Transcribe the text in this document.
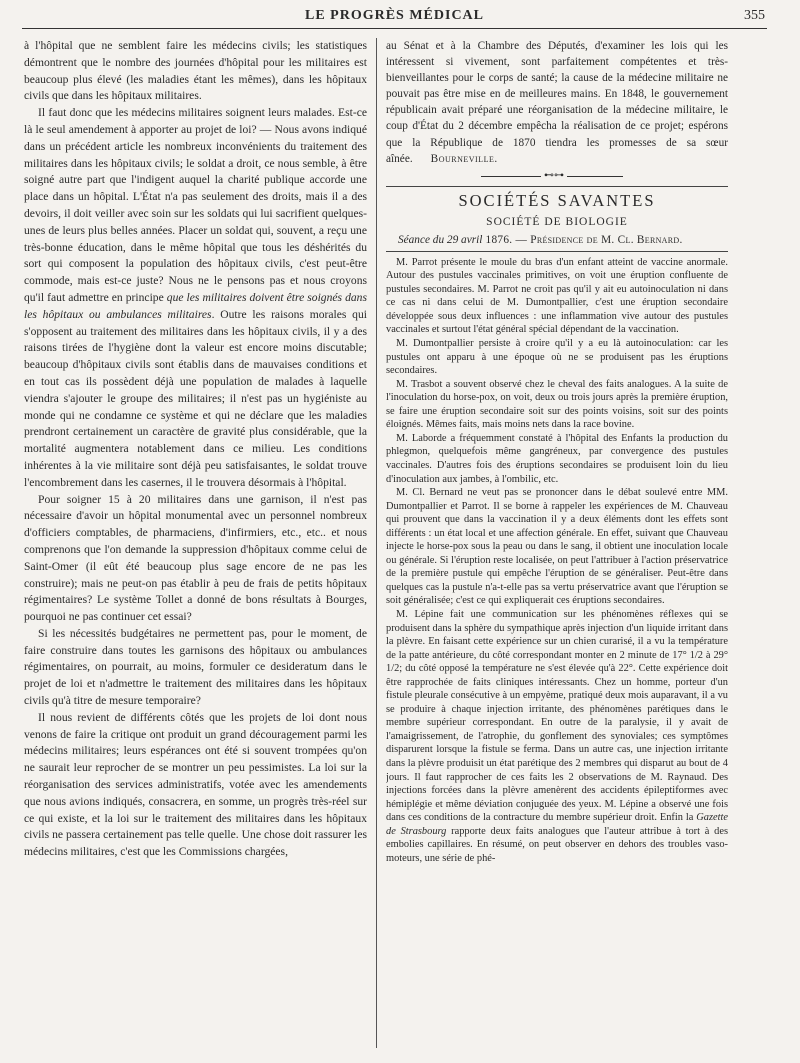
LE PROGRÈS MÉDICAL	355

à l'hôpital que ne semblent faire les médecins civils; les statistiques démontrent que le nombre des journées d'hôpital pour les militaires est beaucoup plus élevé (les maladies étant les mêmes), dans les hôpitaux civils que dans les hôpitaux militaires.

Il faut donc que les médecins militaires soignent leurs malades. Est-ce là le seul amendement à apporter au projet de loi? — Nous avons indiqué dans un précédent article les nombreux inconvénients du traitement des militaires dans les hôpitaux civils; le soldat a droit, ce nous semble, à être soigné autre part que l'indigent auquel la charité publique accorde une place dans un hôpital. L'État n'a pas seulement des droits, mais il a des devoirs, il doit veiller avec soin sur les soldats qui lui sacrifient quelques-unes de leurs plus belles années. Placer un soldat qui, souvent, a reçu une très-bonne éducation, dans le même hôpital que tous les déshérités du sort qui composent la population des hôpitaux civils, c'est peut-être commode, mais est-ce juste? Nous ne le pensons pas et nous croyons qu'il faut admettre en principe que les militaires doivent être soignés dans les hôpitaux ou ambulances militaires. Outre les raisons morales qui s'opposent au traitement des militaires dans les hôpitaux civils, il y a des raisons tirées de l'hygiène dont la valeur est encore moins discutable; beaucoup d'hôpitaux civils sont établis dans de mauvaises conditions et en tout cas ils possèdent déjà une population de malades à laquelle viendra s'ajouter le groupe des militaires; il n'est pas un hygiéniste au monde qui ne condamne ce système et qui ne déclare que les maladies prendront certainement un caractère de gravité plus considérable, que la mortalité augmentera notablement dans ce milieu. Les conditions inhérentes à la vie militaire sont déjà peu satisfaisantes, le soldat trouve l'encombrement dans les casernes, il le trouvera désormais à l'hôpital.

Pour soigner 15 à 20 militaires dans une garnison, il n'est pas nécessaire d'avoir un hôpital monumental avec un personnel nombreux d'officiers comptables, de pharmaciens, d'infirmiers, etc., etc.. et nous comprenons que l'on demande la suppression d'hôpitaux comme celui de Saint-Omer (il eût été beaucoup plus sage encore de ne pas les construire); mais ne peut-on pas établir à peu de frais de petits hôpitaux régimentaires? Le système Tollet a donné de bons résultats à Bourges, pourquoi ne pas continuer cet essai?

Si les nécessités budgétaires ne permettent pas, pour le moment, de faire construire dans toutes les garnisons des hôpitaux ou ambulances régimentaires, on pourrait, au moins, formuler ce desideratum dans le projet de loi et n'admettre le traitement des militaires dans les hôpitaux civils qu'à titre de mesure temporaire?

Il nous revient de différents côtés que les projets de loi dont nous venons de faire la critique ont produit un grand découragement parmi les médecins militaires; leurs espérances ont été si souvent trompées qu'on ne saurait leur reprocher de se montrer un peu pessimistes. La loi sur la réorganisation des services administratifs, votée avec les amendements que nous avions indiqués, consacrera, en somme, un progrès très-réel sur ce qui existe, et la loi sur le traitement des militaires dans les hôpitaux civils ne passera certainement pas telle quelle. Une chose doit rassurer les médecins militaires, c'est que les Commissions chargées,

au Sénat et à la Chambre des Députés, d'examiner les lois qui les intéressent si vivement, sont parfaitement compétentes et très-bienveillantes pour le corps de santé; la cause de la médecine militaire ne pouvait pas être mise en de meilleures mains. En 1848, le gouvernement républicain avait préparé une réorganisation de la médecine militaire, le coup d'État du 2 décembre empêcha la réalisation de ce projet; espérons que la République de 1870 tiendra les promesses de sa sœur aînée. Bourneville.

⊷⊶
SOCIÉTÉS SAVANTES
SOCIÉTÉ DE BIOLOGIE

Séance du 29 avril 1876. — Présidence de M. Cl. Bernard.

M. Parrot présente le moule du bras d'un enfant atteint de vaccine anormale. Autour des pustules vaccinales primitives, on voit une éruption confluente de pustules secondaires. M. Parrot ne croit pas qu'il y ait eu autoinoculation ni dans ce cas ni dans celui de M. Dumontpallier, c'est une éruption secondaire développée sous deux influences : une inflammation vive autour des pustules vaccinales et surtout l'état général spécial dépendant de la vaccination.

M. Dumontpallier persiste à croire qu'il y a eu là autoinoculation: car les pustules ont apparu à une époque où ne se produisent pas les éruptions secondaires.

M. Trasbot a souvent observé chez le cheval des faits analogues. A la suite de l'inoculation du horse-pox, on voit, deux ou trois jours après la première éruption, se faire une éruption secondaire soit sur des points voisins, soit sur des points éloignés. Mêmes faits, mais moins nets dans la race bovine.

M. Laborde a fréquemment constaté à l'hôpital des Enfants la production du phlegmon, quelquefois même gangréneux, par convergence des pustules vaccinales. D'autres fois des éruptions secondaires se produisent loin du lieu d'inoculation aux jambes, à l'ombilic, etc.

M. Cl. Bernard ne veut pas se prononcer dans le débat soulevé entre MM. Dumontpallier et Parrot. Il se borne à rappeler les expériences de M. Chauveau qui prouvent que dans la vaccination il y a deux éléments dont les effets sont différents : un état local et une affection générale. En effet, suivant que Chauveau injecte le horse-pox sous la peau ou dans le sang, il obtient une inoculation locale ou générale. Si l'éruption reste localisée, on peut l'attribuer à l'action préservatrice de la première pustule qui empêche l'éruption de se généraliser. Peut-être dans quelques cas la pustule n'a-t-elle pas sa vertu préservatrice avant que l'éruption se soit généralisée; c'est ce qui expliquerait ces éruptions secondaires.

M. Lépine fait une communication sur les phénomènes réflexes qui se produisent dans la sphère du sympathique après injection d'un liquide irritant dans la plèvre. En faisant cette expérience sur un chien curarisé, il a vu la température de la patte antérieure, du côté correspondant monter en 2 minute de 17° 1/2 à 29° 1/2; du côté opposé la température ne s'est élevée qu'à 22°. Cette expérience doit être rapprochée de faits cliniques intéressants. Chez un homme, porteur d'un fistule pleurale consécutive à un empyème, pratiqué deux mois auparavant, il a vu se produire à chaque injection irritante, des phénomènes parétiques dans le membre supérieur correspondant. En outre de la paralysie, il y avait de l'amaigrissement, de l'atrophie, du gonflement des synoviales; ces symptômes disparurent lorsque la fistule se ferma. Dans un autre cas, une injection irritante dans la plèvre produisit un état parétique des 2 membres qui disparut au bout de 4 jours. Il faut rapprocher de ces faits les 2 observations de M. Raynaud. Des injections forcées dans la plèvre amenèrent des accidents épileptiformes avec hémiplégie et même déviation conjuguée des yeux. M. Lépine a observé une fois dans ces conditions de la contracture du membre supérieur droit. Enfin la Gazette de Strasbourg rapporte deux faits analogues que l'auteur attribue à tort à des embolies capillaires. En résumé, on peut observer en dehors des troubles vaso-moteurs, une série de phé-
